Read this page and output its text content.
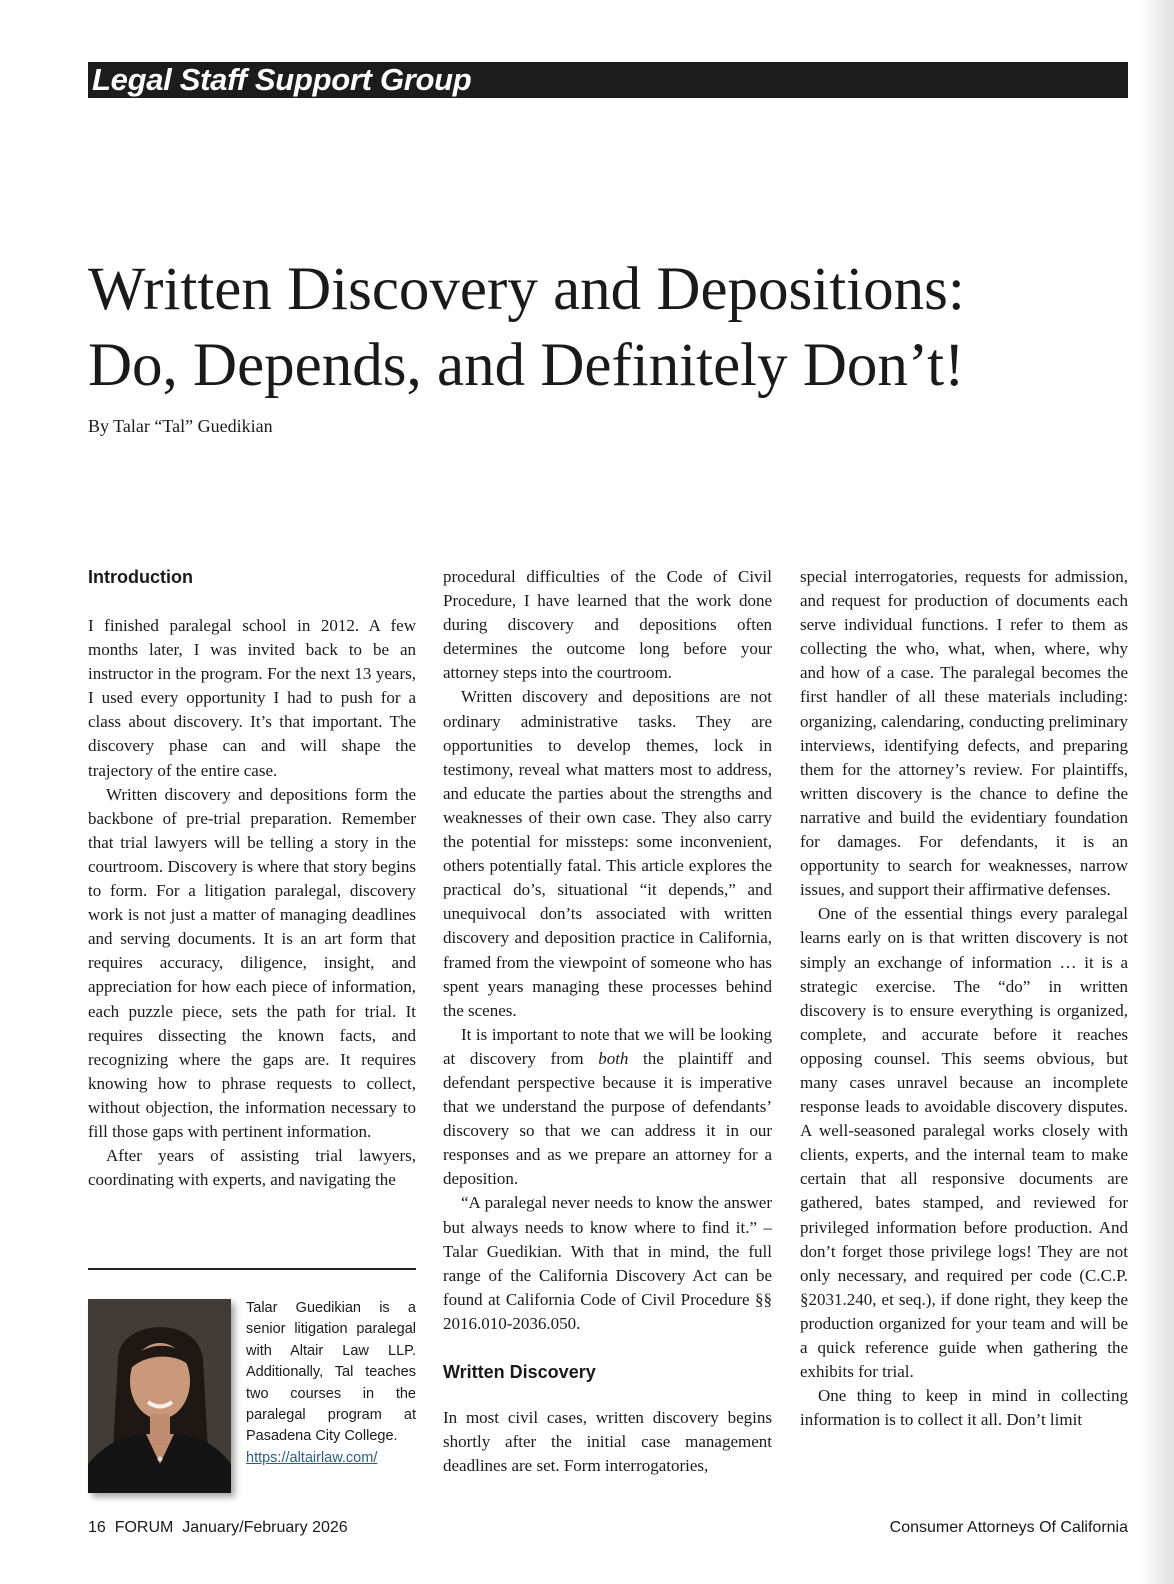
Legal Staff Support Group
Written Discovery and Depositions:
Do, Depends, and Definitely Don’t!
By Talar “Tal” Guedikian
Introduction

I finished paralegal school in 2012. A few months later, I was invited back to be an instructor in the program. For the next 13 years, I used every opportunity I had to push for a class about discovery. It’s that important. The discovery phase can and will shape the trajectory of the entire case.

Written discovery and depositions form the backbone of pre-trial preparation. Remember that trial lawyers will be telling a story in the courtroom. Discovery is where that story begins to form. For a litigation paralegal, discovery work is not just a matter of managing deadlines and serving documents. It is an art form that requires accuracy, diligence, insight, and appreciation for how each piece of information, each puzzle piece, sets the path for trial. It requires dissecting the known facts, and recognizing where the gaps are. It requires knowing how to phrase requests to collect, without objection, the information necessary to fill those gaps with pertinent information.

After years of assisting trial lawyers, coordinating with experts, and navigating the

procedural difficulties of the Code of Civil Procedure, I have learned that the work done during discovery and depositions often determines the outcome long before your attorney steps into the courtroom.

Written discovery and depositions are not ordinary administrative tasks. They are opportunities to develop themes, lock in testimony, reveal what matters most to address, and educate the parties about the strengths and weaknesses of their own case. They also carry the potential for missteps: some inconvenient, others potentially fatal. This article explores the practical do’s, situational “it depends,” and unequivocal don’ts associated with written discovery and deposition practice in California, framed from the viewpoint of someone who has spent years managing these processes behind the scenes.

It is important to note that we will be looking at discovery from both the plaintiff and defendant perspective because it is imperative that we understand the purpose of defendants’ discovery so that we can address it in our responses and as we prepare an attorney for a deposition.

“A paralegal never needs to know the answer but always needs to know where to find it.” – Talar Guedikian. With that in mind, the full range of the California Discovery Act can be found at California Code of Civil Procedure §§ 2016.010-2036.050.

Written Discovery

In most civil cases, written discovery begins shortly after the initial case management deadlines are set. Form interrogatories,

special interrogatories, requests for admission, and request for production of documents each serve individual functions. I refer to them as collecting the who, what, when, where, why and how of a case. The paralegal becomes the first handler of all these materials including: organizing, calendaring, conducting preliminary interviews, identifying defects, and preparing them for the attorney’s review. For plaintiffs, written discovery is the chance to define the narrative and build the evidentiary foundation for damages. For defendants, it is an opportunity to search for weaknesses, narrow issues, and support their affirmative defenses.

One of the essential things every paralegal learns early on is that written discovery is not simply an exchange of information … it is a strategic exercise. The “do” in written discovery is to ensure everything is organized, complete, and accurate before it reaches opposing counsel. This seems obvious, but many cases unravel because an incomplete response leads to avoidable discovery disputes. A well-seasoned paralegal works closely with clients, experts, and the internal team to make certain that all responsive documents are gathered, bates stamped, and reviewed for privileged information before production. And don’t forget those privilege logs! They are not only necessary, and required per code (C.C.P. §2031.240, et seq.), if done right, they keep the production organized for your team and will be a quick reference guide when gathering the exhibits for trial.

One thing to keep in mind in collecting information is to collect it all. Don’t limit

Talar Guedikian is a senior litigation paralegal with Altair Law LLP. Additionally, Tal teaches two courses in the paralegal program at Pasadena City College.
https://altairlaw.com/
16  FORUM  January/February 2026	Consumer Attorneys Of California
